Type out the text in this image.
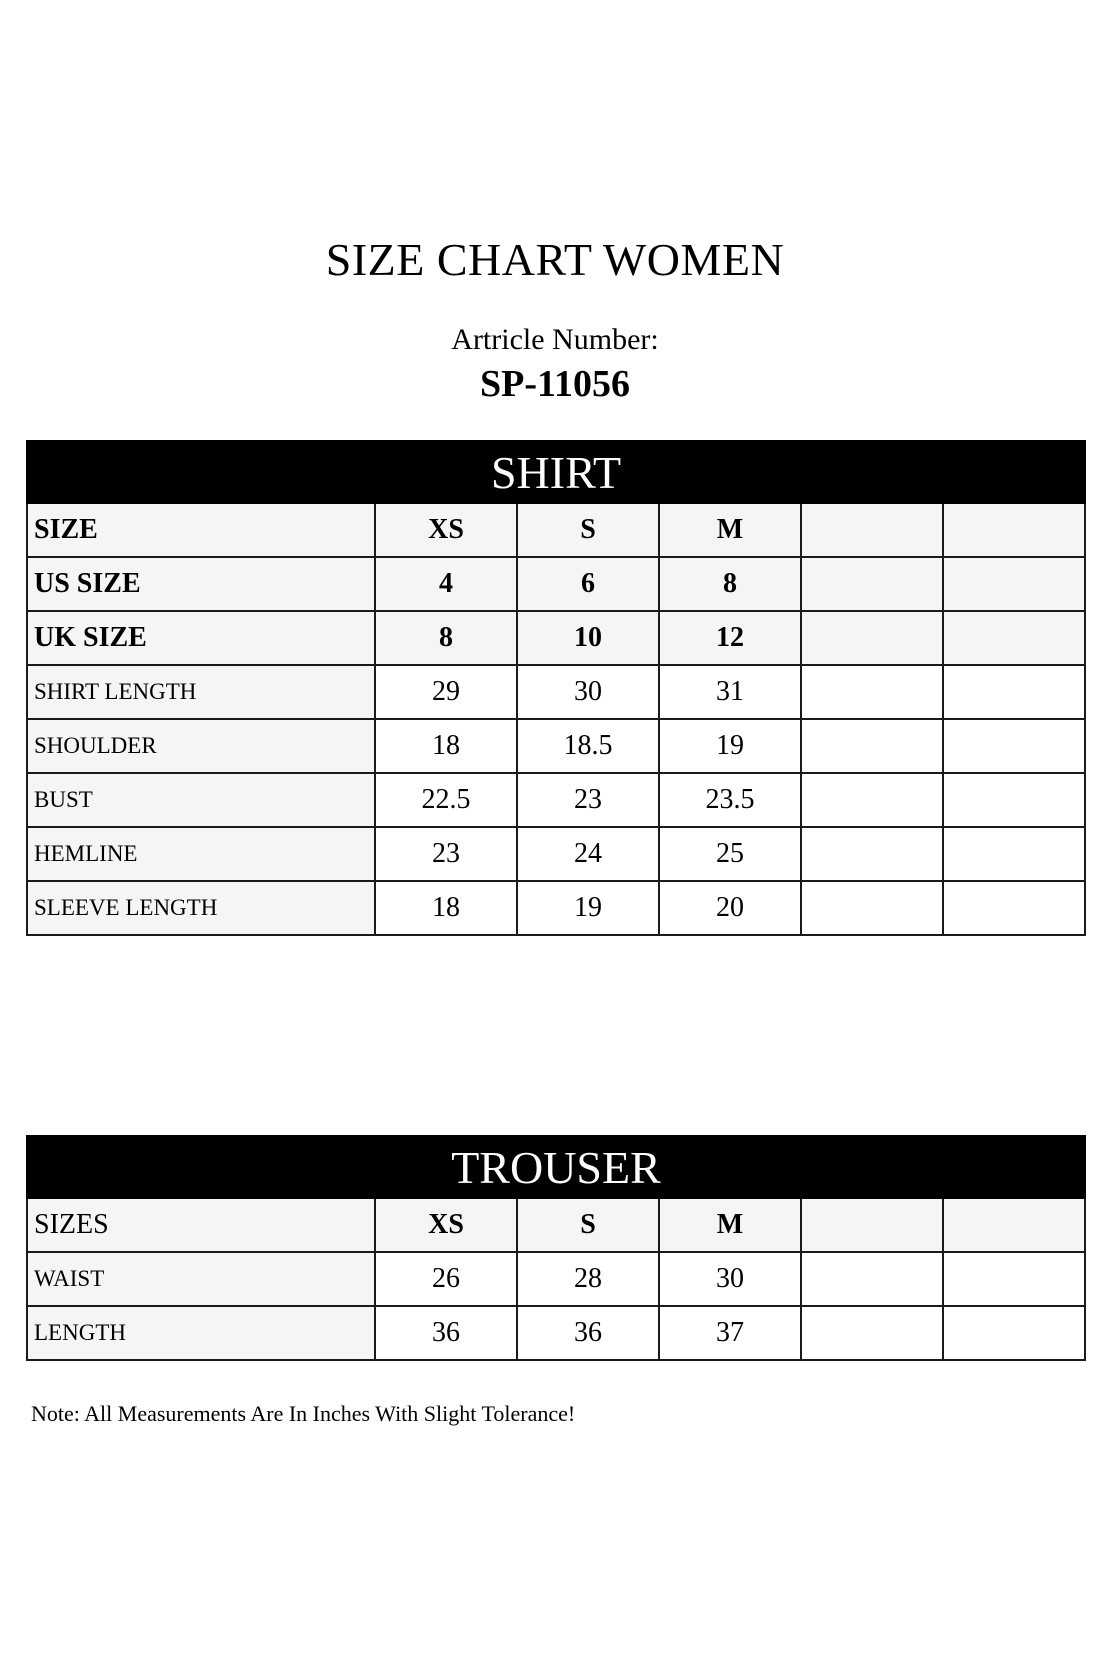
SIZE CHART WOMEN
Artricle Number:
SP-11056
SHIRT					
SIZE	XS	S	M		
US SIZE	4	6	8		
UK SIZE	8	10	12		
SHIRT LENGTH	29	30	31		
SHOULDER	18	18.5	19		
BUST	22.5	23	23.5		
HEMLINE	23	24	25		
SLEEVE LENGTH	18	19	20		
TROUSER					
SIZES	XS	S	M		
WAIST	26	28	30		
LENGTH	36	36	37		
Note: All Measurements Are In Inches With Slight Tolerance!
